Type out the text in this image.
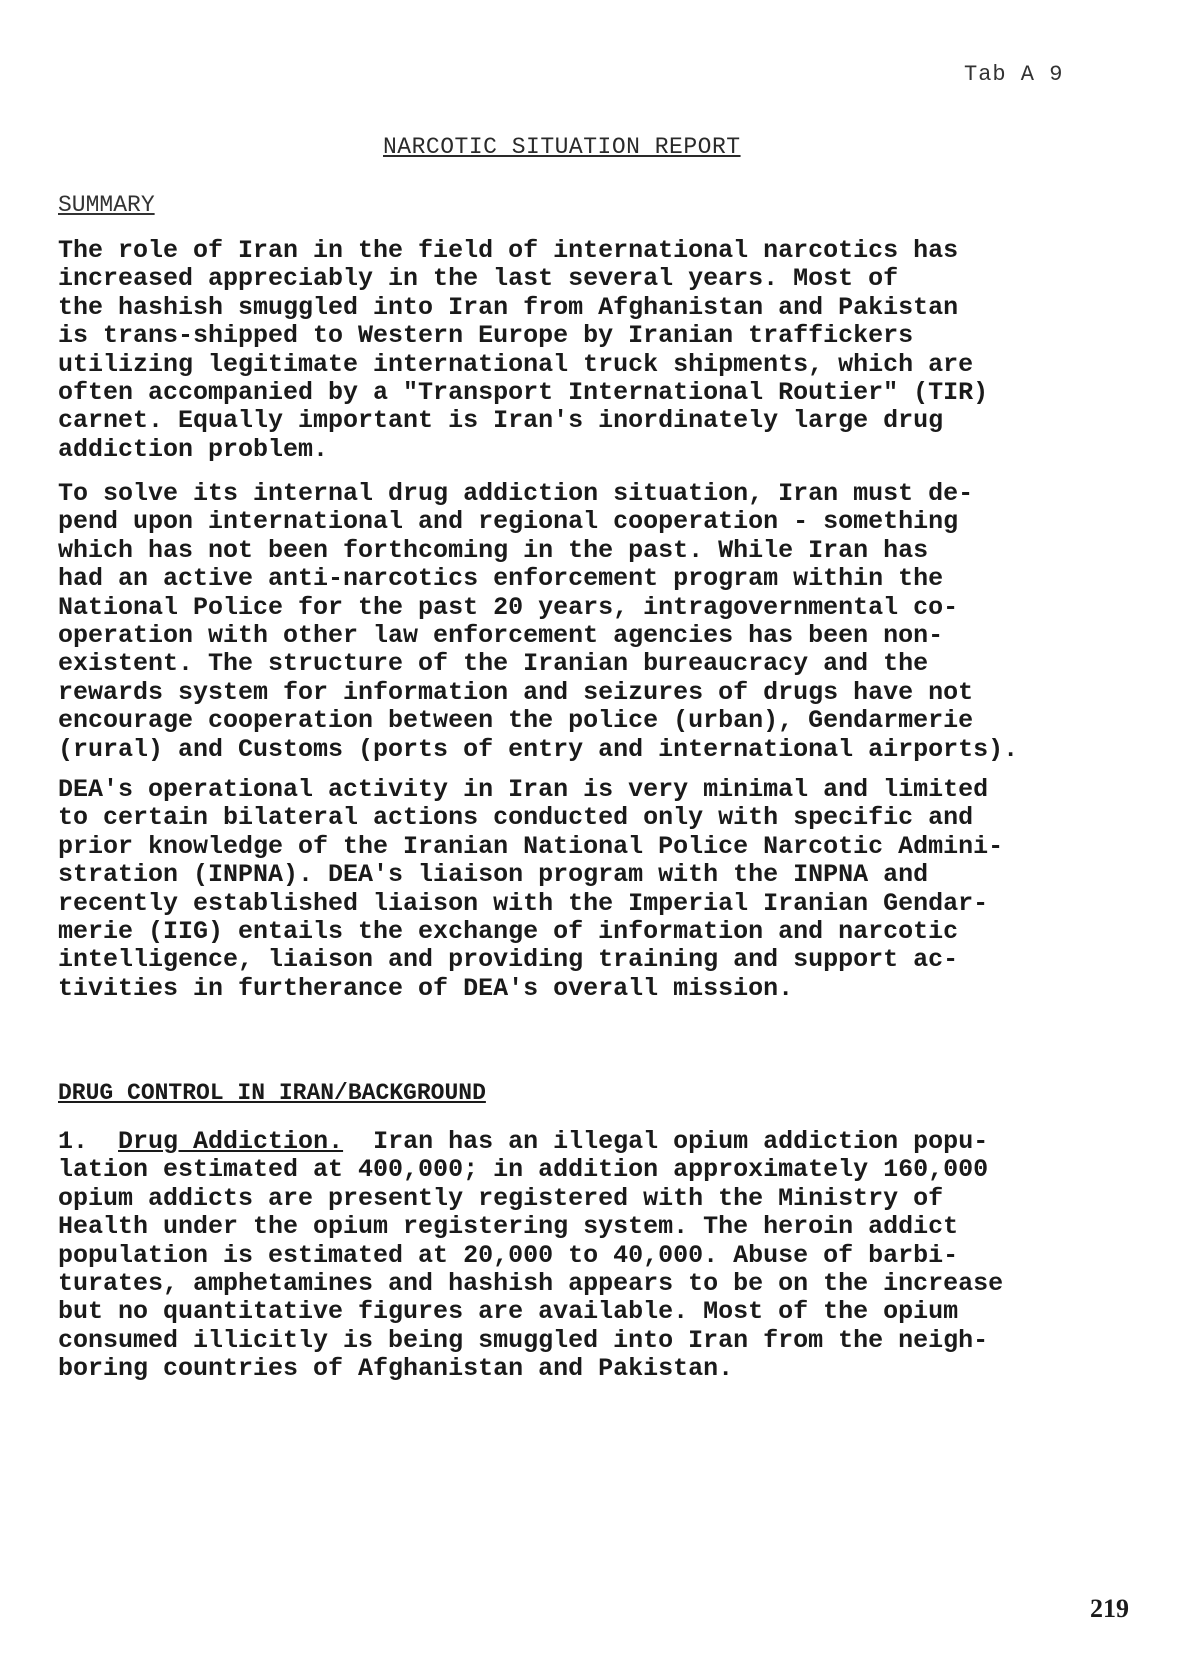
Tab A 9
NARCOTIC SITUATION REPORT
SUMMARY
The role of Iran in the field of international narcotics has
increased appreciably in the last several years. Most of
the hashish smuggled into Iran from Afghanistan and Pakistan
is trans-shipped to Western Europe by Iranian traffickers
utilizing legitimate international truck shipments, which are
often accompanied by a "Transport International Routier" (TIR)
carnet. Equally important is Iran's inordinately large drug
addiction problem.
To solve its internal drug addiction situation, Iran must de-
pend upon international and regional cooperation - something
which has not been forthcoming in the past. While Iran has
had an active anti-narcotics enforcement program within the
National Police for the past 20 years, intragovernmental co-
operation with other law enforcement agencies has been non-
existent. The structure of the Iranian bureaucracy and the
rewards system for information and seizures of drugs have not
encourage cooperation between the police (urban), Gendarmerie
(rural) and Customs (ports of entry and international airports).
DEA's operational activity in Iran is very minimal and limited
to certain bilateral actions conducted only with specific and
prior knowledge of the Iranian National Police Narcotic Admini-
stration (INPNA). DEA's liaison program with the INPNA and
recently established liaison with the Imperial Iranian Gendar-
merie (IIG) entails the exchange of information and narcotic
intelligence, liaison and providing training and support ac-
tivities in furtherance of DEA's overall mission.
DRUG CONTROL IN IRAN/BACKGROUND
1. Drug Addiction. Iran has an illegal opium addiction popu-
lation estimated at 400,000; in addition approximately 160,000
opium addicts are presently registered with the Ministry of
Health under the opium registering system. The heroin addict
population is estimated at 20,000 to 40,000. Abuse of barbi-
turates, amphetamines and hashish appears to be on the increase
but no quantitative figures are available. Most of the opium
consumed illicitly is being smuggled into Iran from the neigh-
boring countries of Afghanistan and Pakistan.
219
